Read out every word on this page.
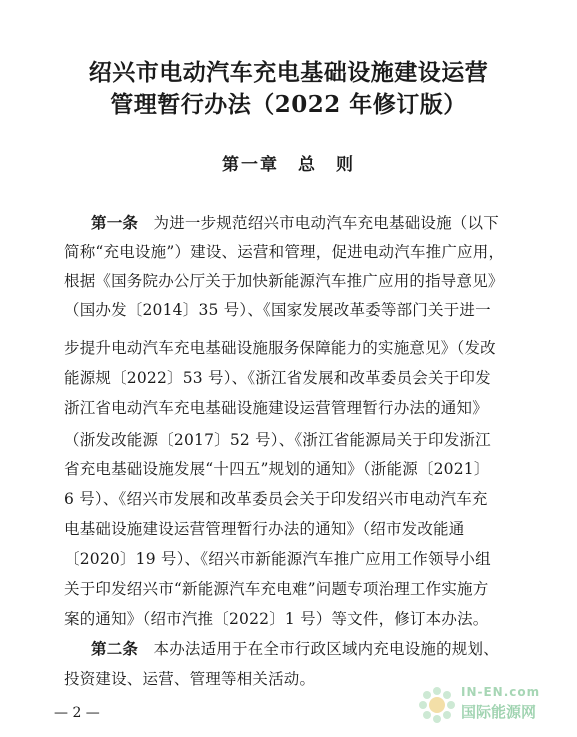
绍兴市电动汽车充电基础设施建设运营
管理暂行办法（2022 年修订版）
第一章　总　则
第一条 为进一步规范绍兴市电动汽车充电基础设施（以下
简称“充电设施”）建设、运营和管理，促进电动汽车推广应用，
根据《国务院办公厅关于加快新能源汽车推广应用的指导意见》
（国办发〔2014〕35 号）、《国家发展改革委等部门关于进一
步提升电动汽车充电基础设施服务保障能力的实施意见》（发改
能源规〔2022〕53 号）、《浙江省发展和改革委员会关于印发
浙江省电动汽车充电基础设施建设运营管理暂行办法的通知》
（浙发改能源〔2017〕52 号）、《浙江省能源局关于印发浙江
省充电基础设施发展“十四五”规划的通知》（浙能源〔2021〕
6 号）、《绍兴市发展和改革委员会关于印发绍兴市电动汽车充
电基础设施建设运营管理暂行办法的通知》（绍市发改能通
〔2020〕19 号）、《绍兴市新能源汽车推广应用工作领导小组
关于印发绍兴市“新能源汽车充电难”问题专项治理工作实施方
案的通知》（绍市汽推〔2022〕1 号）等文件，修订本办法。
第二条 本办法适用于在全市行政区域内充电设施的规划、
投资建设、运营、管理等相关活动。
— 2 —
IN-EN.com
国际能源网
